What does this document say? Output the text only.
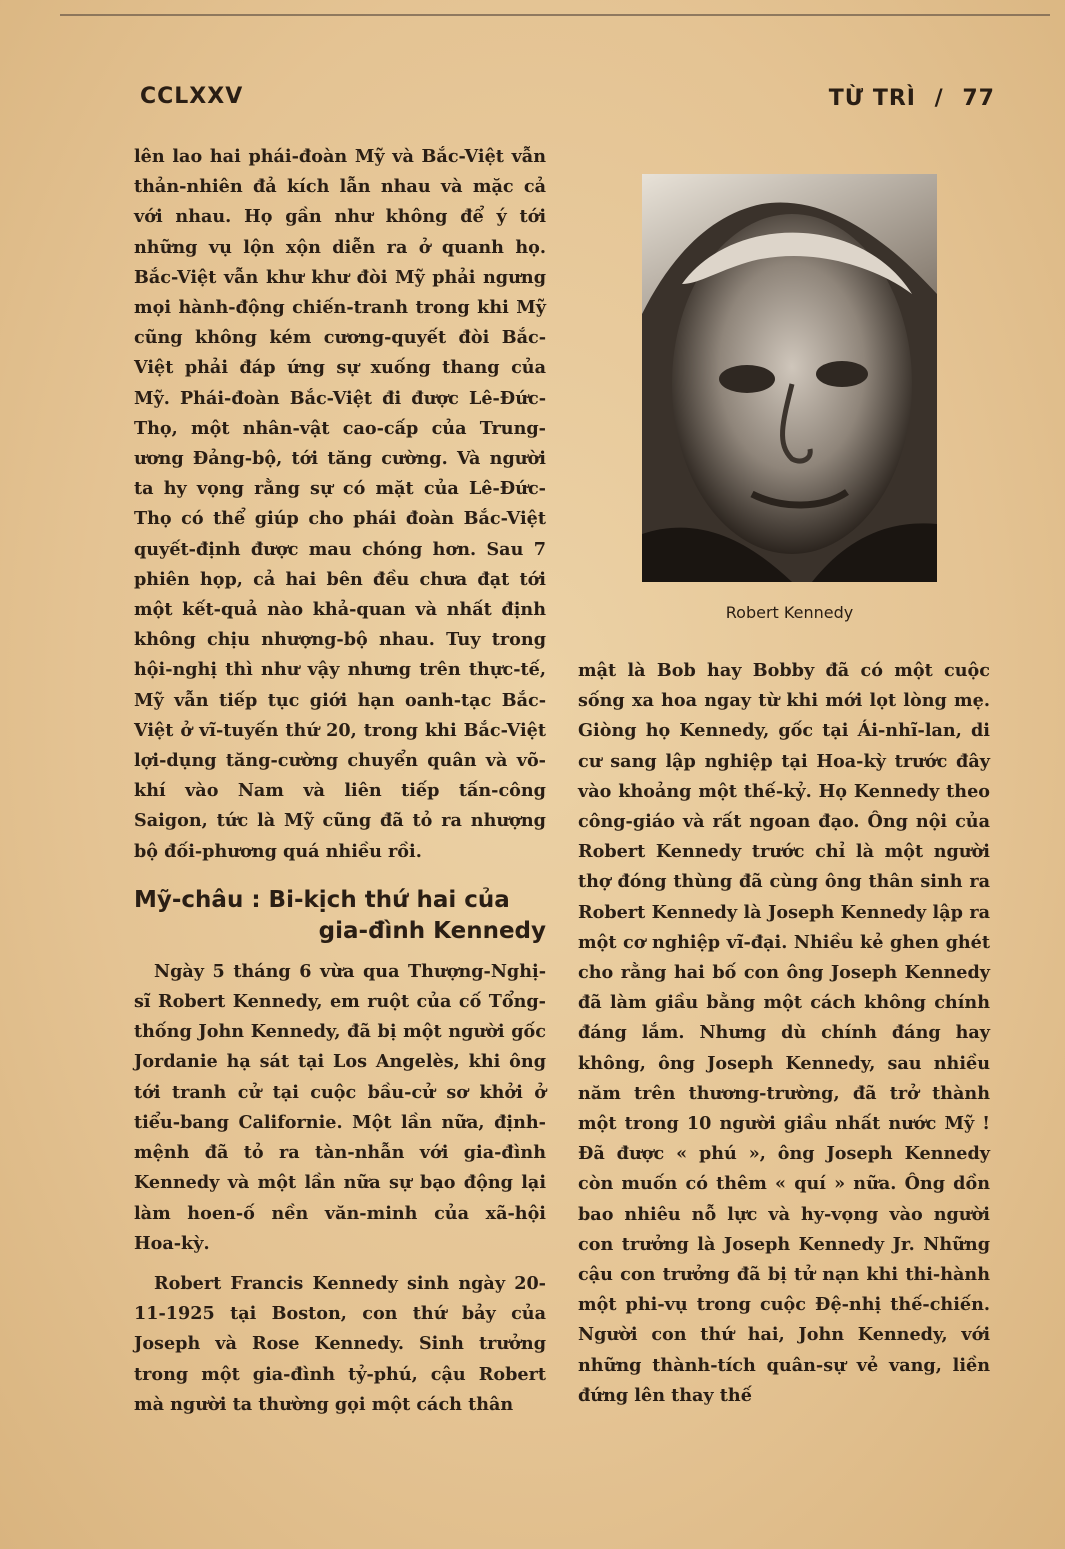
CCLXXV	TỪ TRÌ / 77

lên lao hai phái-đoàn Mỹ và Bắc-Việt vẫn thản-nhiên đả kích lẫn nhau và mặc cả với nhau. Họ gần như không để ý tới những vụ lộn xộn diễn ra ở quanh họ. Bắc-Việt vẫn khư khư đòi Mỹ phải ngưng mọi hành-động chiến-tranh trong khi Mỹ cũng không kém cương-quyết đòi Bắc-Việt phải đáp ứng sự xuống thang của Mỹ. Phái-đoàn Bắc-Việt đi được Lê-Đức-Thọ, một nhân-vật cao-cấp của Trung-ương Đảng-bộ, tới tăng cường. Và người ta hy vọng rằng sự có mặt của Lê-Đức-Thọ có thể giúp cho phái đoàn Bắc-Việt quyết-định được mau chóng hơn. Sau 7 phiên họp, cả hai bên đều chưa đạt tới một kết-quả nào khả-quan và nhất định không chịu nhượng-bộ nhau. Tuy trong hội-nghị thì như vậy nhưng trên thực-tế, Mỹ vẫn tiếp tục giới hạn oanh-tạc Bắc-Việt ở vĩ-tuyến thứ 20, trong khi Bắc-Việt lợi-dụng tăng-cường chuyển quân và võ-khí vào Nam và liên tiếp tấn-công Saigon, tức là Mỹ cũng đã tỏ ra nhượng bộ đối-phương quá nhiều rồi.

Mỹ-châu : Bi-kịch thứ hai của
gia-đình Kennedy

Ngày 5 tháng 6 vừa qua Thượng-Nghị-sĩ Robert Kennedy, em ruột của cố Tổng-thống John Kennedy, đã bị một người gốc Jordanie hạ sát tại Los Angelès, khi ông tới tranh cử tại cuộc bầu-cử sơ khởi ở tiểu-bang Californie. Một lần nữa, định-mệnh đã tỏ ra tàn-nhẫn với gia-đình Kennedy và một lần nữa sự bạo động lại làm hoen-ố nền văn-minh của xã-hội Hoa-kỳ.

Robert Francis Kennedy sinh ngày 20-11-1925 tại Boston, con thứ bảy của Joseph và Rose Kennedy. Sinh trưởng trong một gia-đình tỷ-phú, cậu Robert mà người ta thường gọi một cách thân

Robert Kennedy

mật là Bob hay Bobby đã có một cuộc sống xa hoa ngay từ khi mới lọt lòng mẹ. Giòng họ Kennedy, gốc tại Ái-nhĩ-lan, di cư sang lập nghiệp tại Hoa-kỳ trước đây vào khoảng một thế-kỷ. Họ Kennedy theo công-giáo và rất ngoan đạo. Ông nội của Robert Kennedy trước chỉ là một người thợ đóng thùng đã cùng ông thân sinh ra Robert Kennedy là Joseph Kennedy lập ra một cơ nghiệp vĩ-đại. Nhiều kẻ ghen ghét cho rằng hai bố con ông Joseph Kennedy đã làm giầu bằng một cách không chính đáng lắm. Nhưng dù chính đáng hay không, ông Joseph Kennedy, sau nhiều năm trên thương-trường, đã trở thành một trong 10 người giầu nhất nước Mỹ ! Đã được « phú », ông Joseph Kennedy còn muốn có thêm « quí » nữa. Ông dồn bao nhiêu nỗ lực và hy-vọng vào người con trưởng là Joseph Kennedy Jr. Những cậu con trưởng đã bị tử nạn khi thi-hành một phi-vụ trong cuộc Đệ-nhị thế-chiến. Người con thứ hai, John Kennedy, với những thành-tích quân-sự vẻ vang, liền đứng lên thay thế
